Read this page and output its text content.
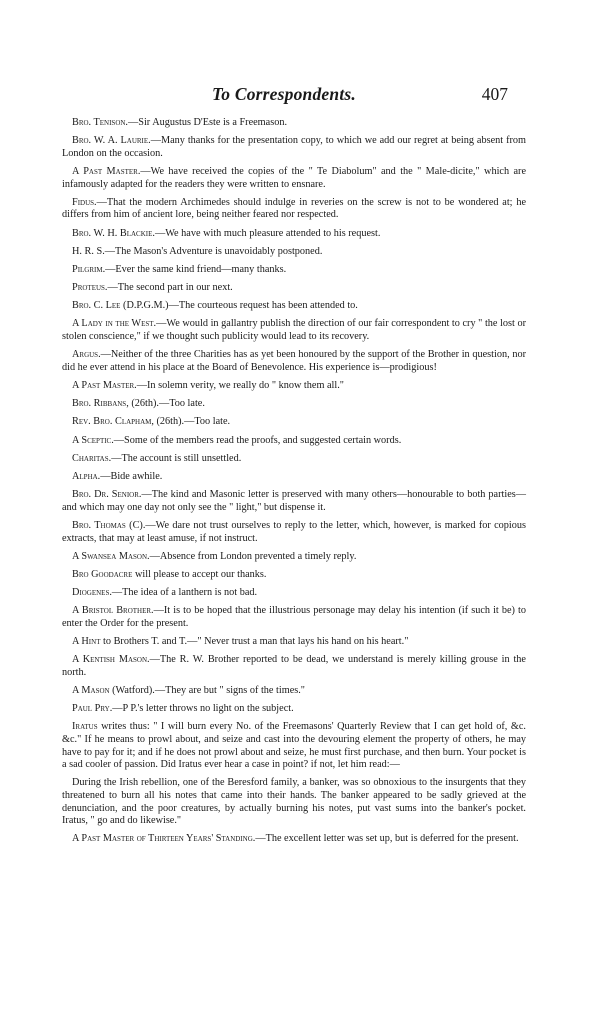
To Correspondents.	407

Bro. Tenison.—Sir Augustus D'Este is a Freemason.

Bro. W. A. Laurie.—Many thanks for the presentation copy, to which we add our regret at being absent from London on the occasion.

A Past Master.—We have received the copies of the " Te Diabolum" and the " Male-dicite," which are infamously adapted for the readers they were written to ensnare.

Fidus.—That the modern Archimedes should indulge in reveries on the screw is not to be wondered at; he differs from him of ancient lore, being neither feared nor respected.

Bro. W. H. Blackie.—We have with much pleasure attended to his request.

H. R. S.—The Mason's Adventure is unavoidably postponed.

Pilgrim.—Ever the same kind friend—many thanks.

Proteus.—The second part in our next.

Bro. C. Lee (D.P.G.M.)—The courteous request has been attended to.

A Lady in the West.—We would in gallantry publish the direction of our fair correspondent to cry " the lost or stolen conscience," if we thought such publicity would lead to its recovery.

Argus.—Neither of the three Charities has as yet been honoured by the support of the Brother in question, nor did he ever attend in his place at the Board of Benevolence. His experience is—prodigious!

A Past Master.—In solemn verity, we really do " know them all."

Bro. Ribbans, (26th).—Too late.

Rev. Bro. Clapham, (26th).—Too late.

A Sceptic.—Some of the members read the proofs, and suggested certain words.

Charitas.—The account is still unsettled.

Alpha.—Bide awhile.

Bro. Dr. Senior.—The kind and Masonic letter is preserved with many others—honourable to both parties—and which may one day not only see the " light," but dispense it.

Bro. Thomas (C).—We dare not trust ourselves to reply to the letter, which, however, is marked for copious extracts, that may at least amuse, if not instruct.

A Swansea Mason.—Absence from London prevented a timely reply.

Bro Goodacre will please to accept our thanks.

Diogenes.—The idea of a lanthern is not bad.

A Bristol Brother.—It is to be hoped that the illustrious personage may delay his intention (if such it be) to enter the Order for the present.

A Hint to Brothers T. and T.—" Never trust a man that lays his hand on his heart."

A Kentish Mason.—The R. W. Brother reported to be dead, we understand is merely killing grouse in the north.

A Mason (Watford).—They are but " signs of the times."

Paul Pry.—P P.'s letter throws no light on the subject.

Iratus writes thus: " I will burn every No. of the Freemasons' Quarterly Review that I can get hold of, &c. &c." If he means to prowl about, and seize and cast into the devouring element the property of others, he may have to pay for it; and if he does not prowl about and seize, he must first purchase, and then burn. Your pocket is a sad cooler of passion. Did Iratus ever hear a case in point? if not, let him read:—

During the Irish rebellion, one of the Beresford family, a banker, was so obnoxious to the insurgents that they threatened to burn all his notes that came into their hands. The banker appeared to be sadly grieved at the denunciation, and the poor creatures, by actually burning his notes, put vast sums into the banker's pocket. Iratus, " go and do likewise."

A Past Master of Thirteen Years' Standing.—The excellent letter was set up, but is deferred for the present.
